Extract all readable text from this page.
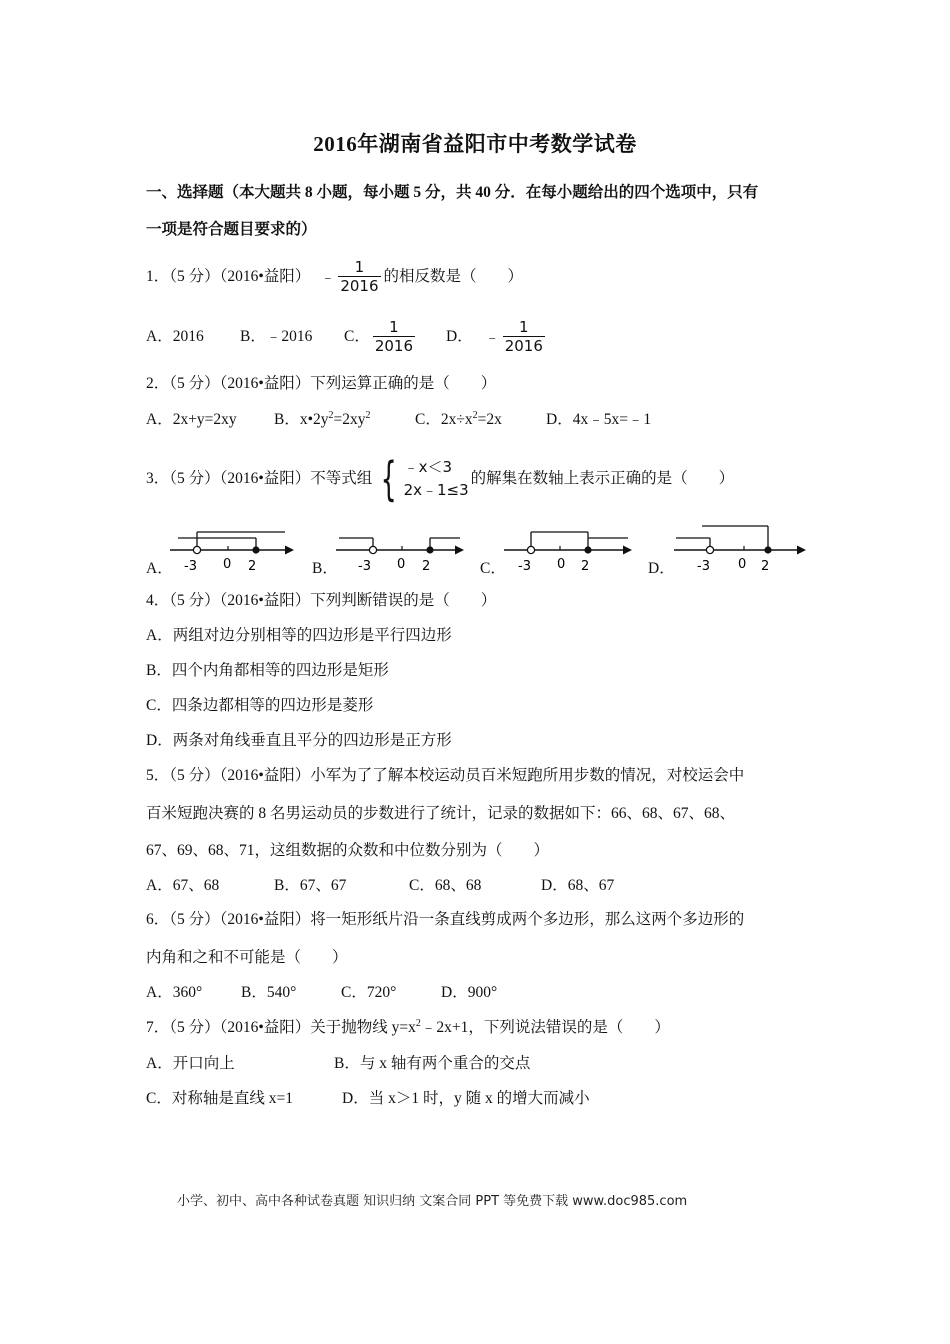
2016年湖南省益阳市中考数学试卷
一、选择题（本大题共 8 小题，每小题 5 分，共 40 分．在每小题给出的四个选项中，只有
一项是符合题目要求的）
1．（5 分）（2016•益阳） ﹣ $\frac{1}{2016}$ 的相反数是（　　）
A．2016 B．﹣2016 C． $\frac{1}{2016}$ D． ﹣ $\frac{1}{2016}$
2．（5 分）（2016•益阳）下列运算正确的是（　　）
A．2x+y=2xy B．$x•2y^2=2xy^2$	C．$2x\div x^2=2x$	D．4x﹣5x=﹣1
3．（5 分）（2016•益阳）不等式组 { ﹣x＜3
2x﹣1≤3
的解集在数轴上表示正确的是（　　）
A．	B．	C．	D．
-3 0 2	-3 0 2	-3 0 2	-3 0 2
4．（5 分）（2016•益阳）下列判断错误的是（　　）
A．两组对边分别相等的四边形是平行四边形
B．四个内角都相等的四边形是矩形
C．四条边都相等的四边形是菱形
D．两条对角线垂直且平分的四边形是正方形
5．（5 分）（2016•益阳）小军为了了解本校运动员百米短跑所用步数的情况，对校运会中
百米短跑决赛的 8 名男运动员的步数进行了统计，记录的数据如下：66、68、67、68、
67、69、68、71，这组数据的众数和中位数分别为（　　）
A．67、68	B．67、67	C．68、68	D．68、67
6．（5 分）（2016•益阳）将一矩形纸片沿一条直线剪成两个多边形，那么这两个多边形的
内角和之和不可能是（　　）
A．360°	B．540°	C．720°	D．900°
7．（5 分）（2016•益阳）关于抛物线 $y=x^2﹣2x+1$，下列说法错误的是（　　）
A．开口向上	B．与 x 轴有两个重合的交点
C．对称轴是直线 x=1	D．当 x＞1 时，y 随 x 的增大而减小
小学、初中、高中各种试卷真题 知识归纳 文案合同 PPT 等免费下载 www.doc985.com
